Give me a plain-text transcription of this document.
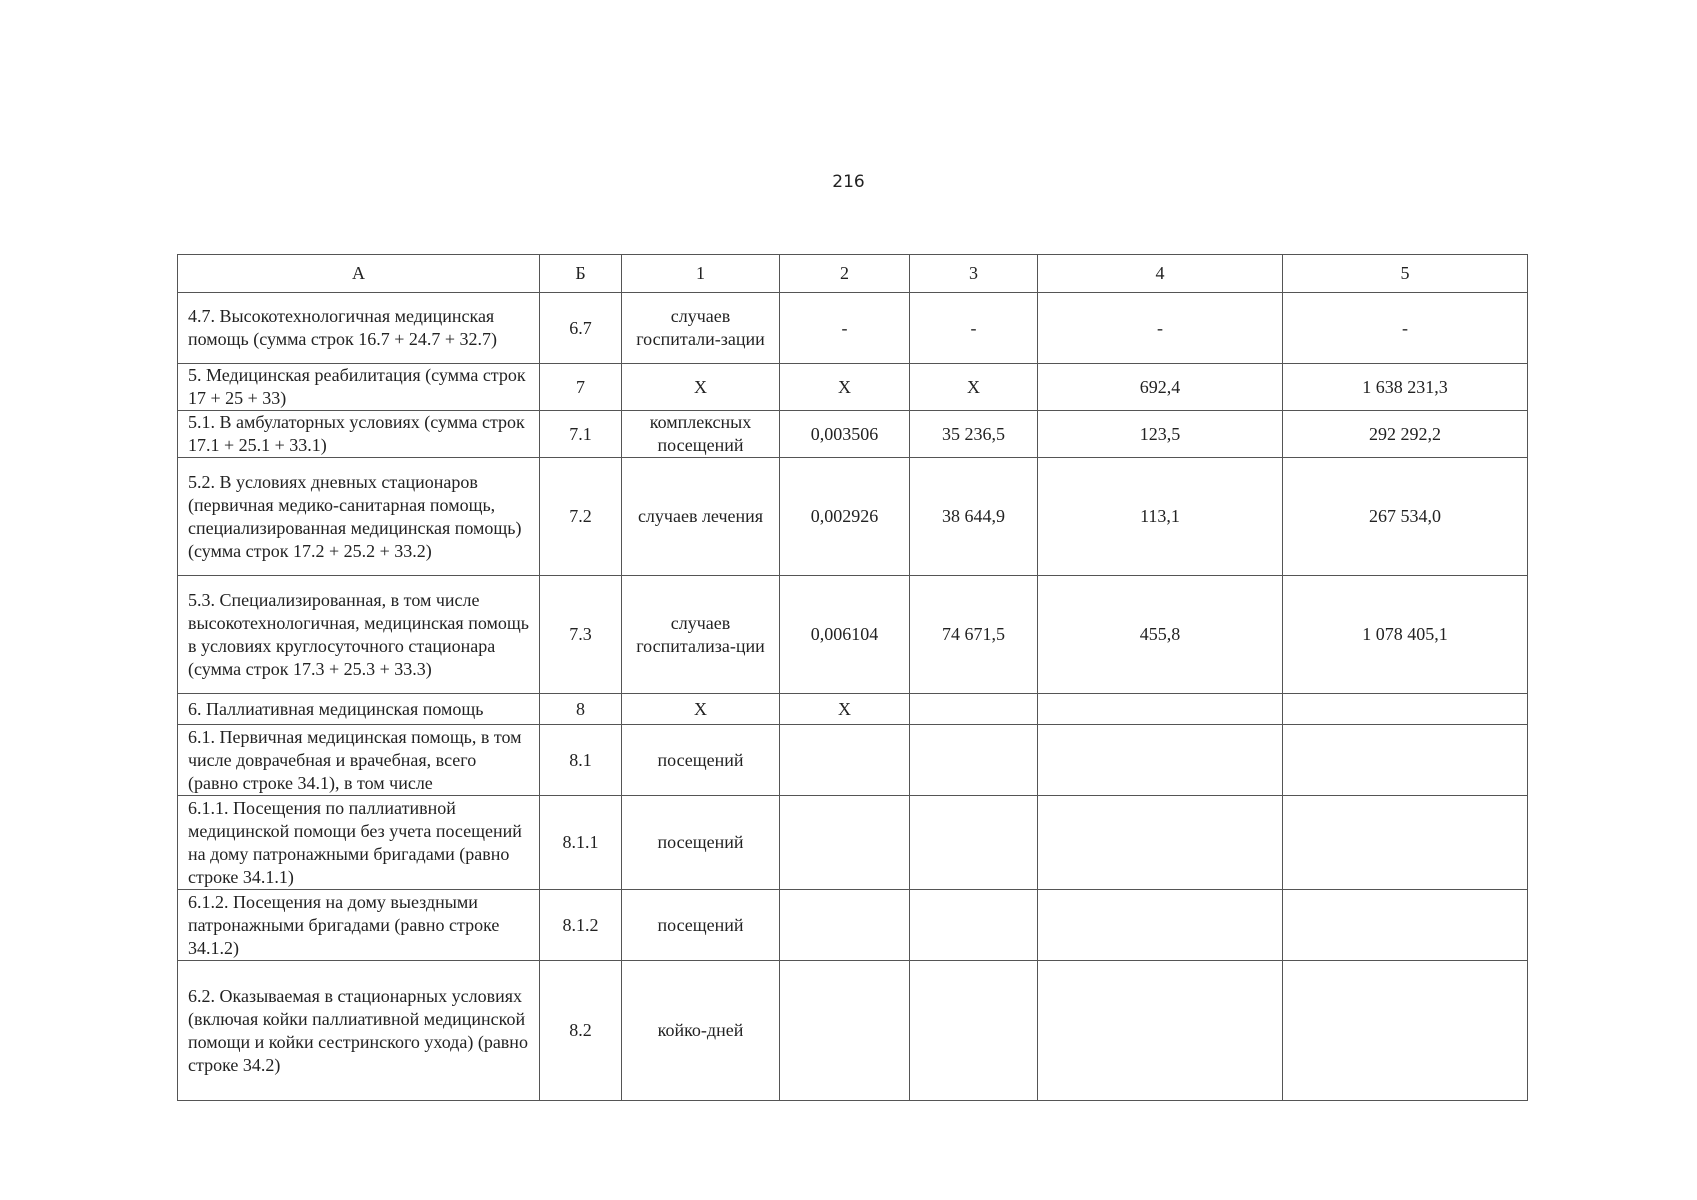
216
А	Б	1	2	3	4	5
4.7. Высокотехнологичная медицинская помощь (сумма строк 16.7 + 24.7 + 32.7)	6.7	случаев госпитали-зации	-	-	-	-
5. Медицинская реабилитация (сумма строк 17 + 25 + 33)	7	Х	Х	Х	692,4	1 638 231,3
5.1. В амбулаторных условиях (сумма строк 17.1 + 25.1 + 33.1)	7.1	комплексных посещений	0,003506	35 236,5	123,5	292 292,2
5.2. В условиях дневных стационаров (первичная медико-санитарная помощь, специализированная медицинская помощь) (сумма строк 17.2 + 25.2 + 33.2)	7.2	случаев лечения	0,002926	38 644,9	113,1	267 534,0
5.3. Специализированная, в том числе высокотехнологичная, медицинская помощь в условиях круглосуточного стационара (сумма строк 17.3 + 25.3 + 33.3)	7.3	случаев госпитализа-ции	0,006104	74 671,5	455,8	1 078 405,1
6. Паллиативная медицинская помощь	8	Х	Х			
6.1. Первичная медицинская помощь, в том числе доврачебная и врачебная, всего (равно строке 34.1), в том числе	8.1	посещений				
6.1.1. Посещения по паллиативной медицинской помощи без учета посещений на дому патронажными бригадами (равно строке 34.1.1)	8.1.1	посещений				
6.1.2. Посещения на дому выездными патронажными бригадами (равно строке 34.1.2)	8.1.2	посещений				
6.2. Оказываемая в стационарных условиях (включая койки паллиативной медицинской помощи и койки сестринского ухода) (равно строке 34.2)	8.2	койко-дней				
